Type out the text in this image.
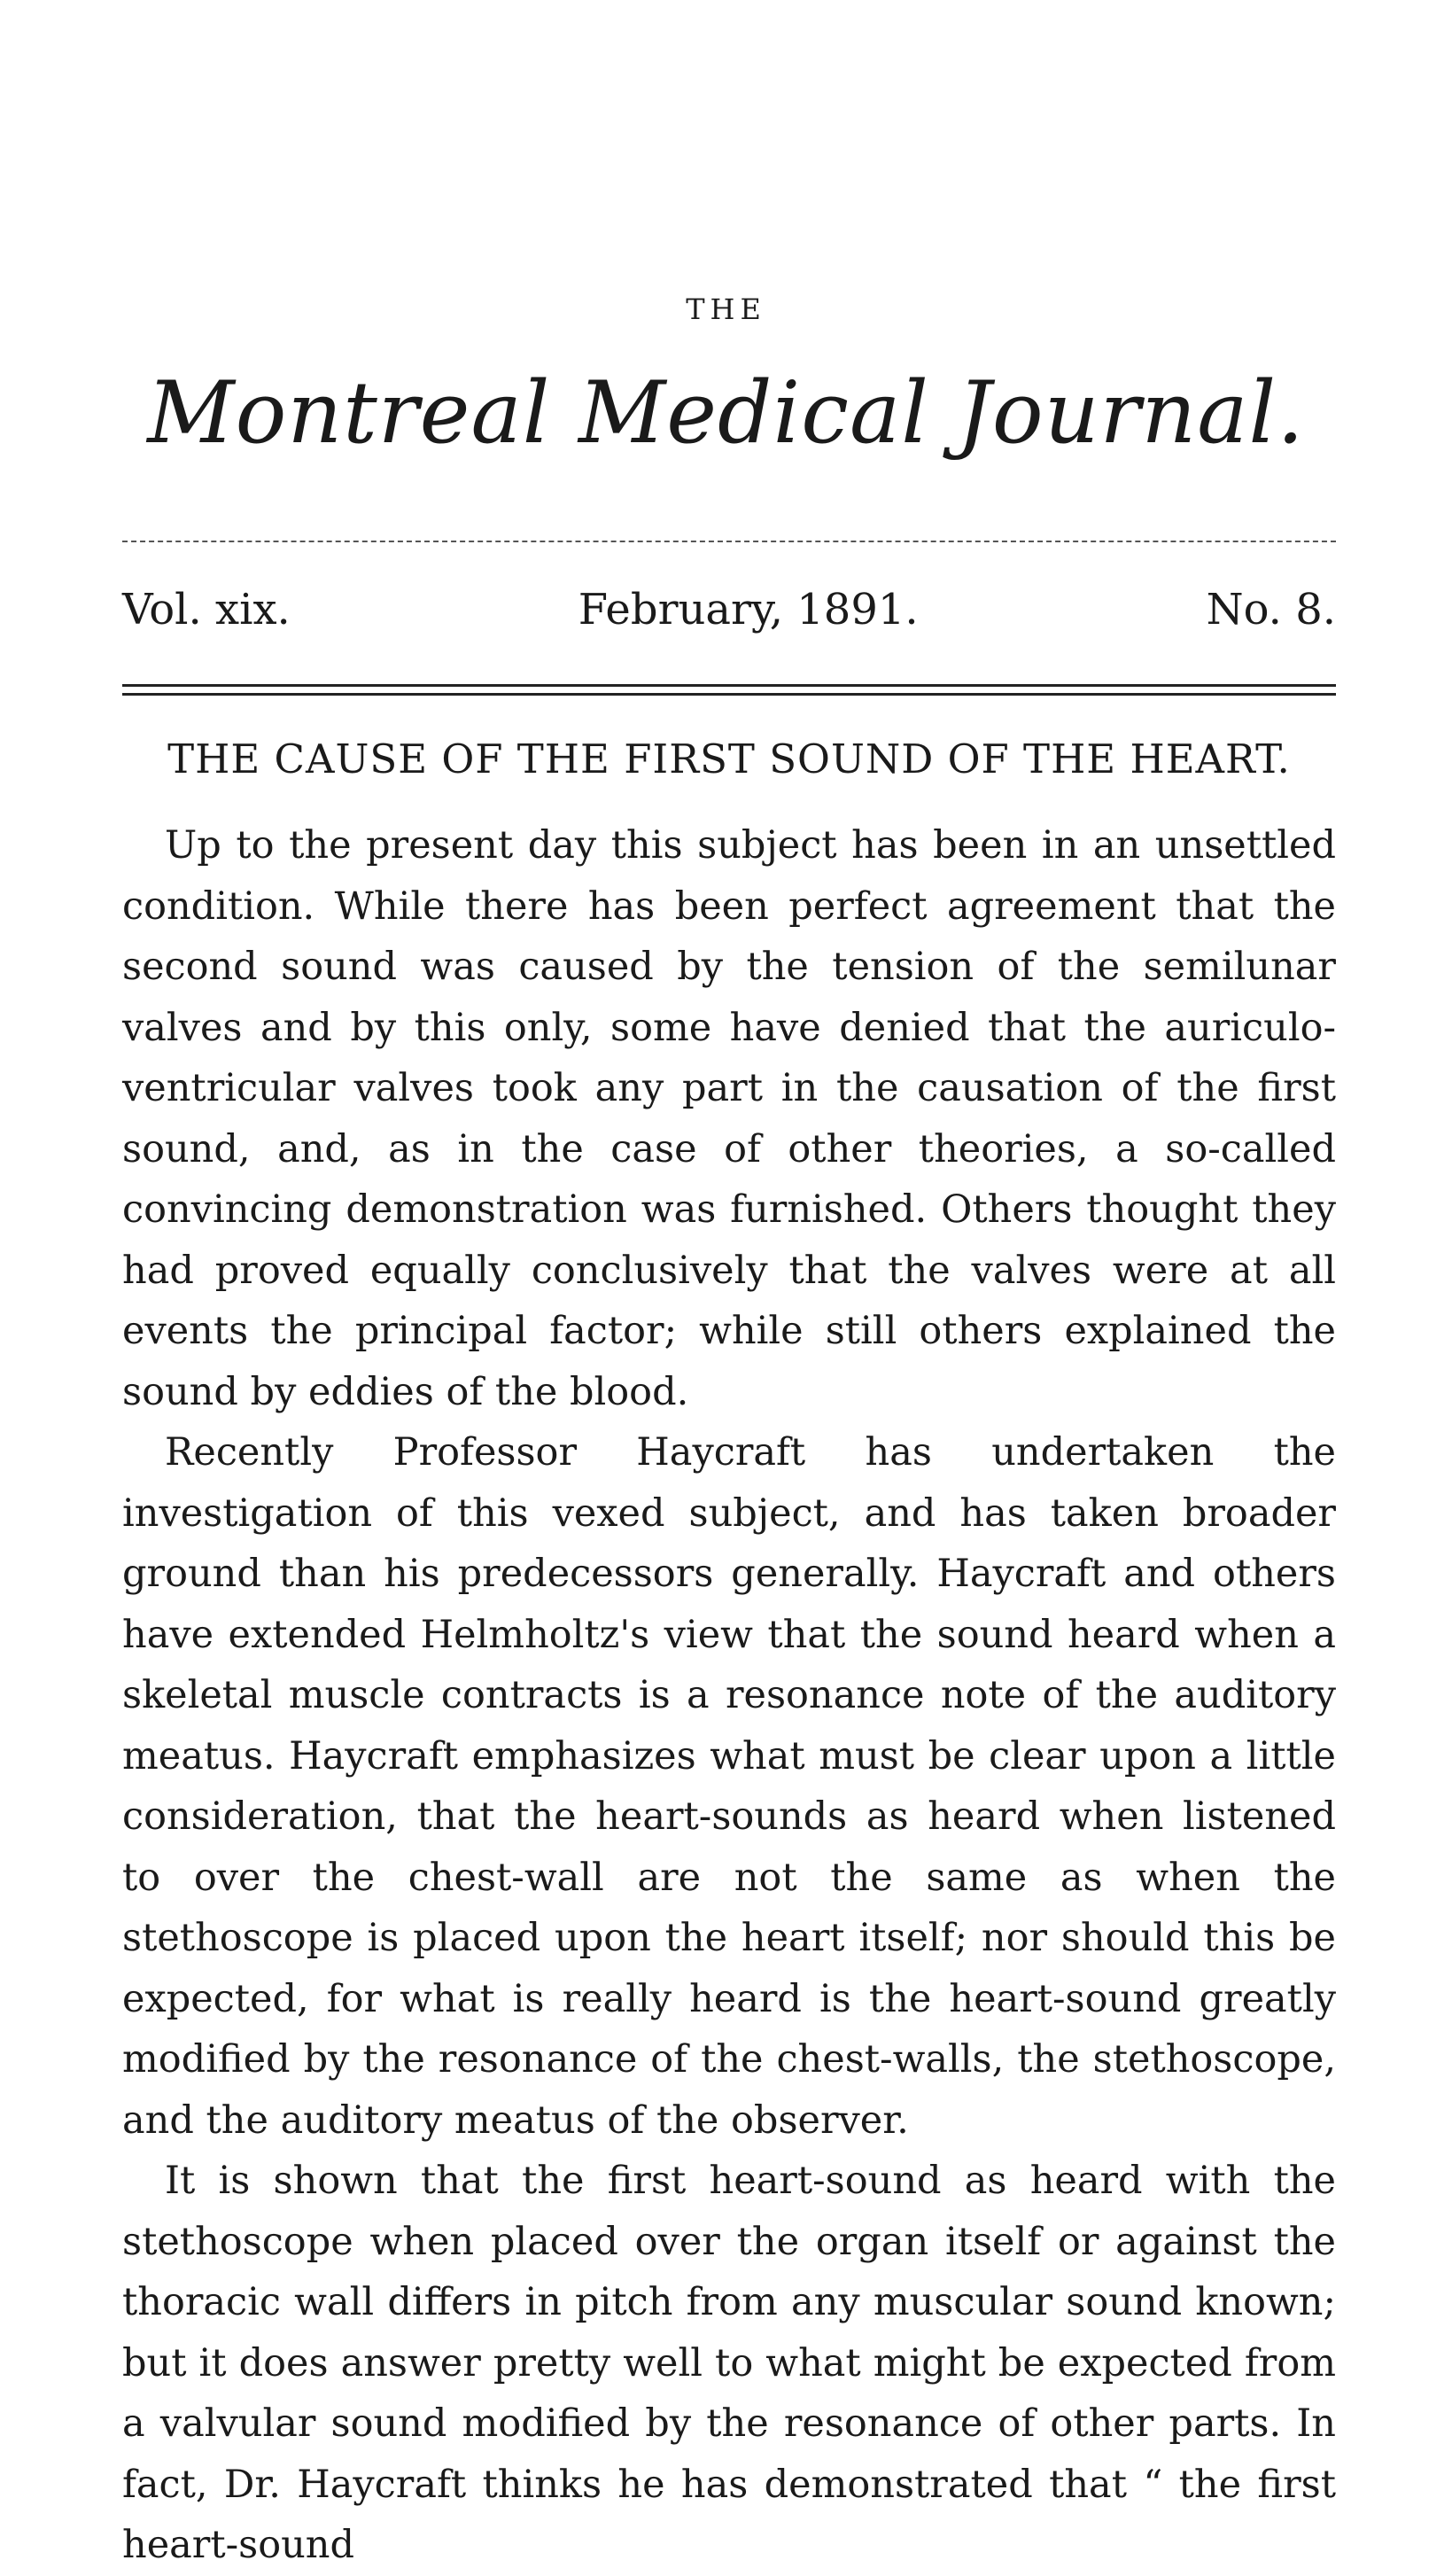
THE
Montreal Medical Journal.
Vol. xix.	February, 1891.	No. 8.
THE CAUSE OF THE FIRST SOUND OF THE HEART.

Up to the present day this subject has been in an unsettled condition. While there has been perfect agreement that the second sound was caused by the tension of the semilunar valves and by this only, some have denied that the auriculo-ventricular valves took any part in the causation of the first sound, and, as in the case of other theories, a so-called convincing demonstration was furnished. Others thought they had proved equally conclusively that the valves were at all events the principal factor; while still others explained the sound by eddies of the blood.

Recently Professor Haycraft has undertaken the investigation of this vexed subject, and has taken broader ground than his predecessors generally. Haycraft and others have extended Helmholtz's view that the sound heard when a skeletal muscle contracts is a resonance note of the auditory meatus. Haycraft emphasizes what must be clear upon a little consideration, that the heart-sounds as heard when listened to over the chest-wall are not the same as when the stethoscope is placed upon the heart itself; nor should this be expected, for what is really heard is the heart-sound greatly modified by the resonance of the chest-walls, the stethoscope, and the auditory meatus of the observer.

It is shown that the first heart-sound as heard with the stethoscope when placed over the organ itself or against the thoracic wall differs in pitch from any muscular sound known; but it does answer pretty well to what might be expected from a valvular sound modified by the resonance of other parts. In fact, Dr. Haycraft thinks he has demonstrated that “ the first heart-sound
